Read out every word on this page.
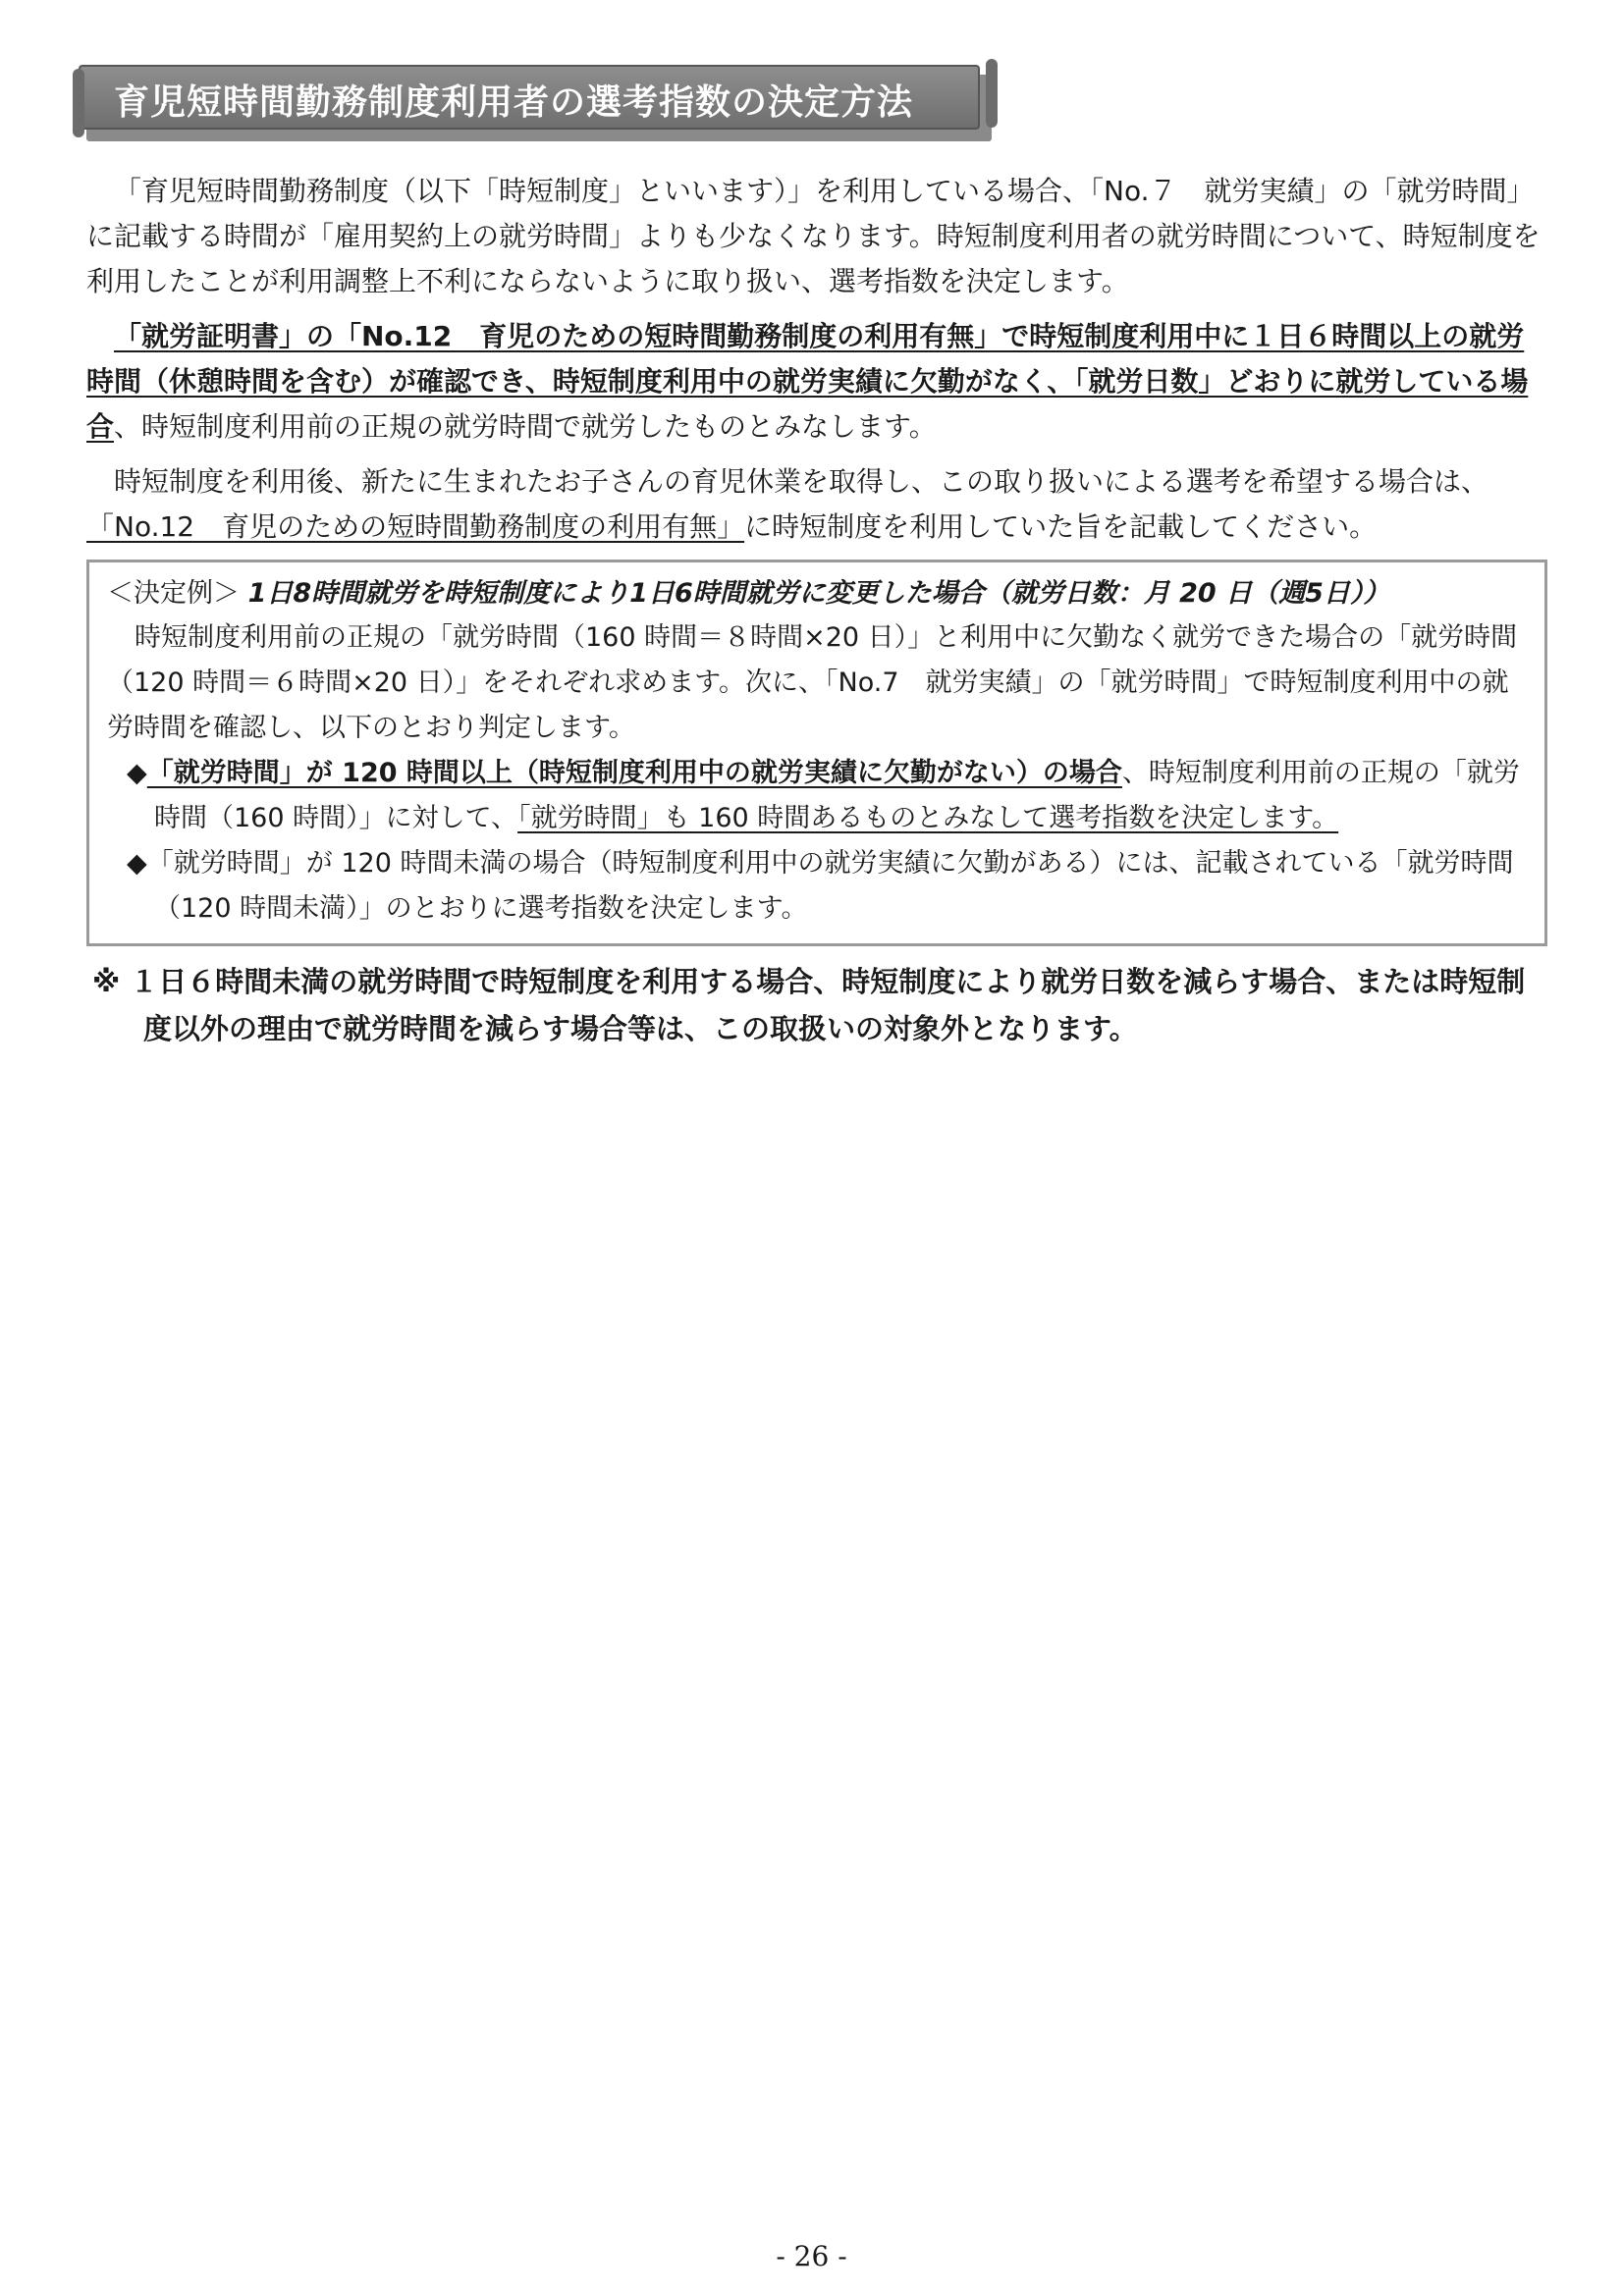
育児短時間勤務制度利用者の選考指数の決定方法

「育児短時間勤務制度（以下「時短制度」といいます）」を利用している場合、「No.７　就労実績」の「就労時間」に記載する時間が「雇用契約上の就労時間」よりも少なくなります。時短制度利用者の就労時間について、時短制度を利用したことが利用調整上不利にならないように取り扱い、選考指数を決定します。

「就労証明書」の「No.12　育児のための短時間勤務制度の利用有無」で時短制度利用中に１日６時間以上の就労時間（休憩時間を含む）が確認でき、時短制度利用中の就労実績に欠勤がなく、「就労日数」どおりに就労している場合、時短制度利用前の正規の就労時間で就労したものとみなします。

時短制度を利用後、新たに生まれたお子さんの育児休業を取得し、この取り扱いによる選考を希望する場合は、「No.12　育児のための短時間勤務制度の利用有無」に時短制度を利用していた旨を記載してください。

＜決定例＞ 1日8時間就労を時短制度により1日6時間就労に変更した場合（就労日数：月 20 日（週5日））

時短制度利用前の正規の「就労時間（160 時間＝８時間×20 日）」と利用中に欠勤なく就労できた場合の「就労時間（120 時間＝６時間×20 日）」をそれぞれ求めます。次に、「No.7　就労実績」の「就労時間」で時短制度利用中の就労時間を確認し、以下のとおり判定します。

◆「就労時間」が 120 時間以上（時短制度利用中の就労実績に欠勤がない）の場合、時短制度利用前の正規の「就労時間（160 時間）」に対して、「就労時間」も 160 時間あるものとみなして選考指数を決定します。

◆「就労時間」が 120 時間未満の場合（時短制度利用中の就労実績に欠勤がある）には、記載されている「就労時間（120 時間未満）」のとおりに選考指数を決定します。

※ １日６時間未満の就労時間で時短制度を利用する場合、時短制度により就労日数を減らす場合、または時短制度以外の理由で就労時間を減らす場合等は、この取扱いの対象外となります。

- 26 -
